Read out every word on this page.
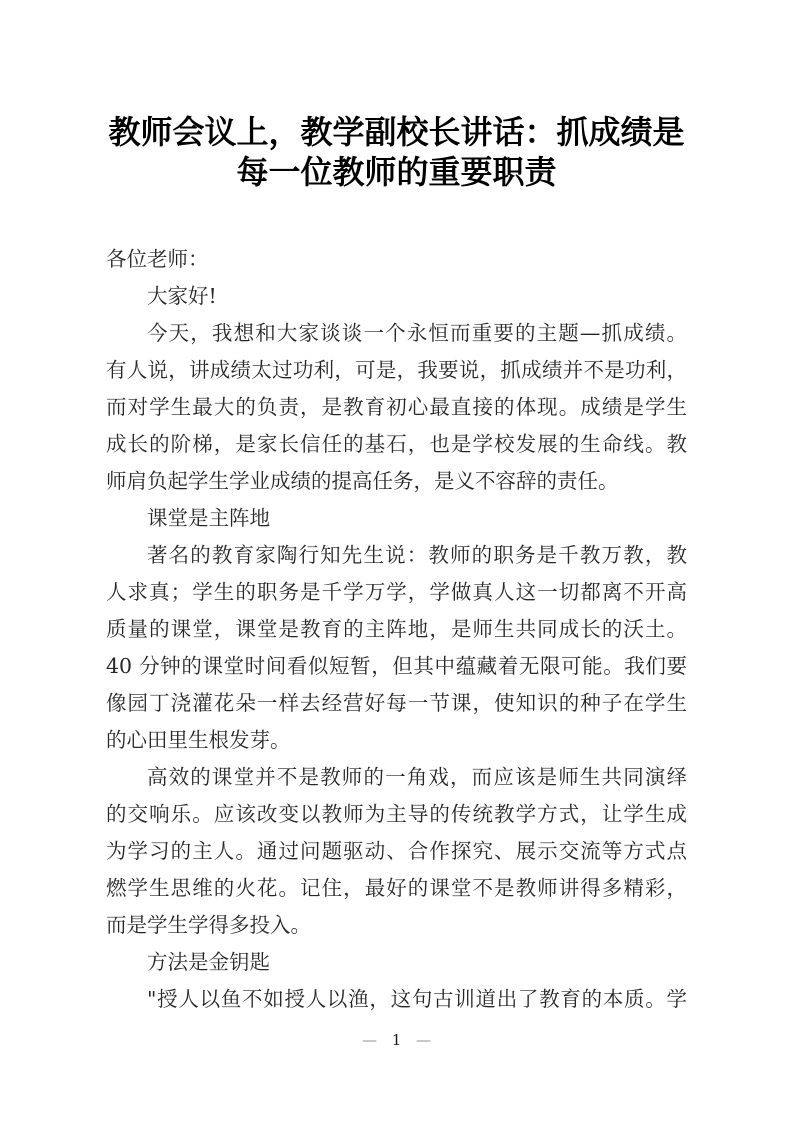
教师会议上，教学副校长讲话：抓成绩是
每一位教师的重要职责
各位老师：
大家好!
今天，我想和大家谈谈一个永恒而重要的主题—抓成绩。
有人说，讲成绩太过功利，可是，我要说，抓成绩并不是功利，
而对学生最大的负责，是教育初心最直接的体现。成绩是学生
成长的阶梯，是家长信任的基石，也是学校发展的生命线。教
师肩负起学生学业成绩的提高任务，是义不容辞的责任。
课堂是主阵地
著名的教育家陶行知先生说：教师的职务是千教万教，教
人求真；学生的职务是千学万学，学做真人这一切都离不开高
质量的课堂，课堂是教育的主阵地，是师生共同成长的沃土。
40 分钟的课堂时间看似短暂，但其中蕴藏着无限可能。我们要
像园丁浇灌花朵一样去经营好每一节课，使知识的种子在学生
的心田里生根发芽。
高效的课堂并不是教师的一角戏，而应该是师生共同演绎
的交响乐。应该改变以教师为主导的传统教学方式，让学生成
为学习的主人。通过问题驱动、合作探究、展示交流等方式点
燃学生思维的火花。记住，最好的课堂不是教师讲得多精彩，
而是学生学得多投入。
方法是金钥匙
"授人以鱼不如授人以渔，这句古训道出了教育的本质。学
— 1 —
